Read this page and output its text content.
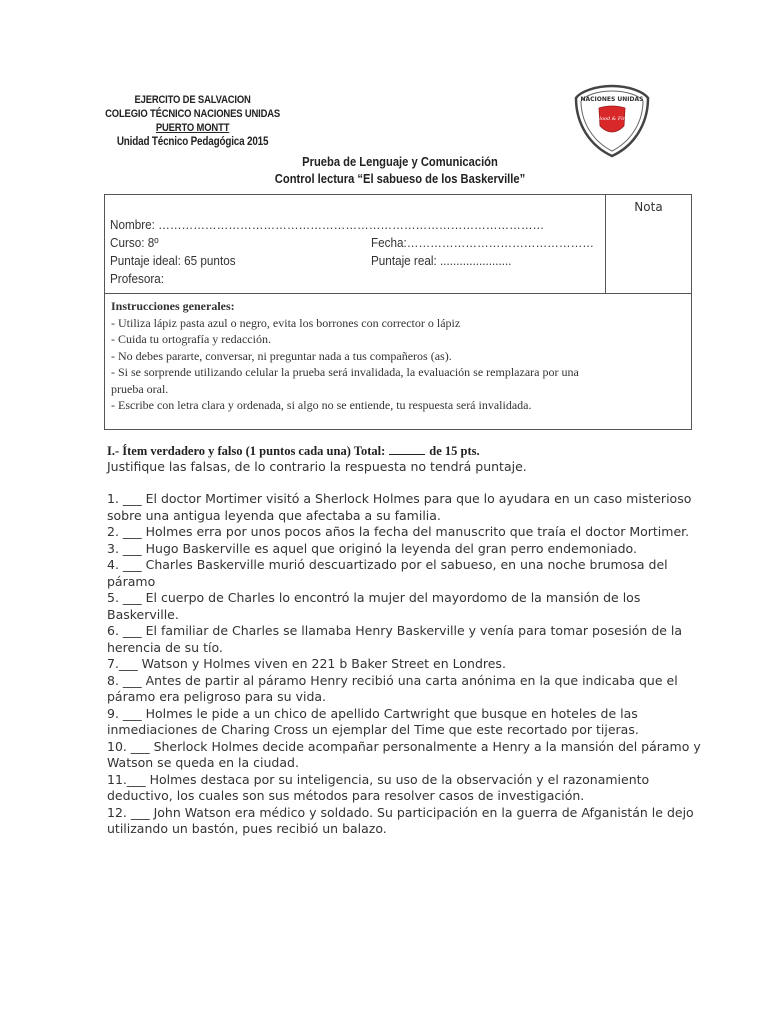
EJERCITO DE SALVACION
COLEGIO TÉCNICO NACIONES UNIDAS
PUERTO MONTT
Unidad Técnico Pedagógica 2015
NACIONES UNIDAS
Blood & Fire
Prueba de Lenguaje y Comunicación
Control lectura “El sabueso de los Baskerville”
Nombre: ………………………………………………………………………………………
Curso: 8º	Fecha:…………………………………………
Puntaje ideal: 65 puntos	Puntaje real: ......................
Profesora:
Nota
Instrucciones generales:
- Utiliza lápiz pasta azul o negro, evita los borrones con corrector o lápiz
- Cuida tu ortografía y redacción.
- No debes pararte, conversar, ni preguntar nada a tus compañeros (as).
- Si se sorprende utilizando celular la prueba será invalidada, la evaluación se remplazara por una
prueba oral.
- Escribe con letra clara y ordenada, si algo no se entiende, tu respuesta será invalidada.
I.- Ítem verdadero y falso (1 puntos cada una) Total:	de 15 pts.
Justifique las falsas, de lo contrario la respuesta no tendrá puntaje.

1. ___ El doctor Mortimer visitó a Sherlock Holmes para que lo ayudara en un caso misterioso sobre una antigua leyenda que afectaba a su familia.

2. ___ Holmes erra por unos pocos años la fecha del manuscrito que traía el doctor Mortimer.

3. ___ Hugo Baskerville es aquel que originó la leyenda del gran perro endemoniado.

4. ___ Charles Baskerville murió descuartizado por el sabueso, en una noche brumosa del páramo

5. ___ El cuerpo de Charles lo encontró la mujer del mayordomo de la mansión de los Baskerville.

6. ___ El familiar de Charles se llamaba Henry Baskerville y venía para tomar posesión de la herencia de su tío.

7.___ Watson y Holmes viven en 221 b Baker Street en Londres.

8. ___ Antes de partir al páramo Henry recibió una carta anónima en la que indicaba que el páramo era peligroso para su vida.

9. ___ Holmes le pide a un chico de apellido Cartwright que busque en hoteles de las inmediaciones de Charing Cross un ejemplar del Time que este recortado por tijeras.

10. ___ Sherlock Holmes decide acompañar personalmente a Henry a la mansión del páramo y Watson se queda en la ciudad.

11.___ Holmes destaca por su inteligencia, su uso de la observación y el razonamiento deductivo, los cuales son sus métodos para resolver casos de investigación.

12. ___ John Watson era médico y soldado. Su participación en la guerra de Afganistán le dejo utilizando un bastón, pues recibió un balazo.
